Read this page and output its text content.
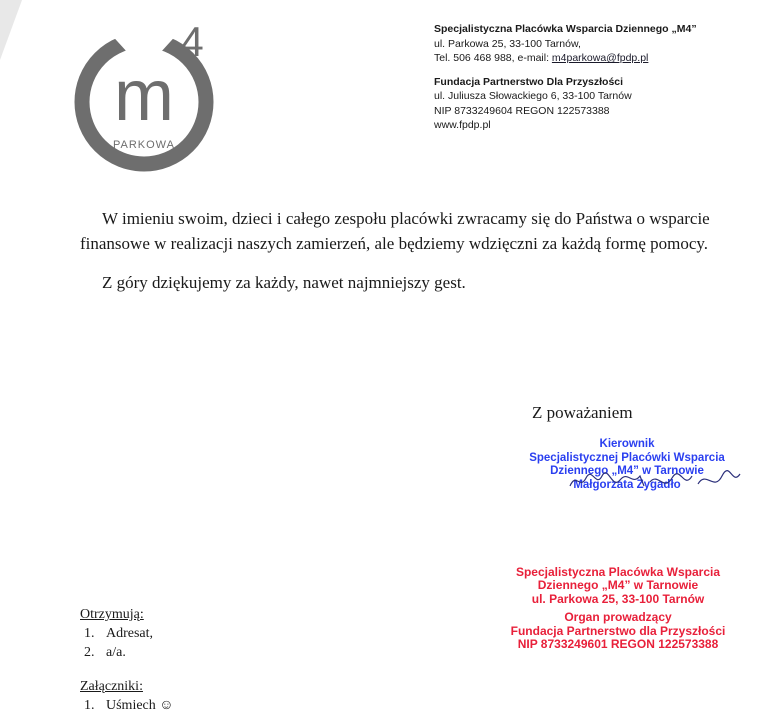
m
4
PARKOWA
Specjalistyczna Placówka Wsparcia Dziennego „M4”
ul. Parkowa 25, 33-100 Tarnów,
Tel. 506 468 988, e-mail: m4parkowa@fpdp.pl
Fundacja Partnerstwo Dla Przyszłości
ul. Juliusza Słowackiego 6, 33-100 Tarnów
NIP 8733249604 REGON 122573388
www.fpdp.pl
W imieniu swoim, dzieci i całego zespołu placówki zwracamy się do Państwa o wsparcie
finansowe w realizacji naszych zamierzeń, ale będziemy wdzięczni za każdą formę pomocy.
Z góry dziękujemy za każdy, nawet najmniejszy gest.
Z poważaniem
Kierownik
Specjalistycznej Placówki Wsparcia
Dziennego „M4” w Tarnowie
Małgorzata Zygadło
Specjalistyczna Placówka Wsparcia
Dziennego „M4” w Tarnowie
ul. Parkowa 25, 33-100 Tarnów
Organ prowadzący
Fundacja Partnerstwo dla Przyszłości
NIP 8733249601 REGON 122573388
Otrzymują:
1. Adresat,
2. a/a.
Załączniki:
1. Uśmiech ☺
